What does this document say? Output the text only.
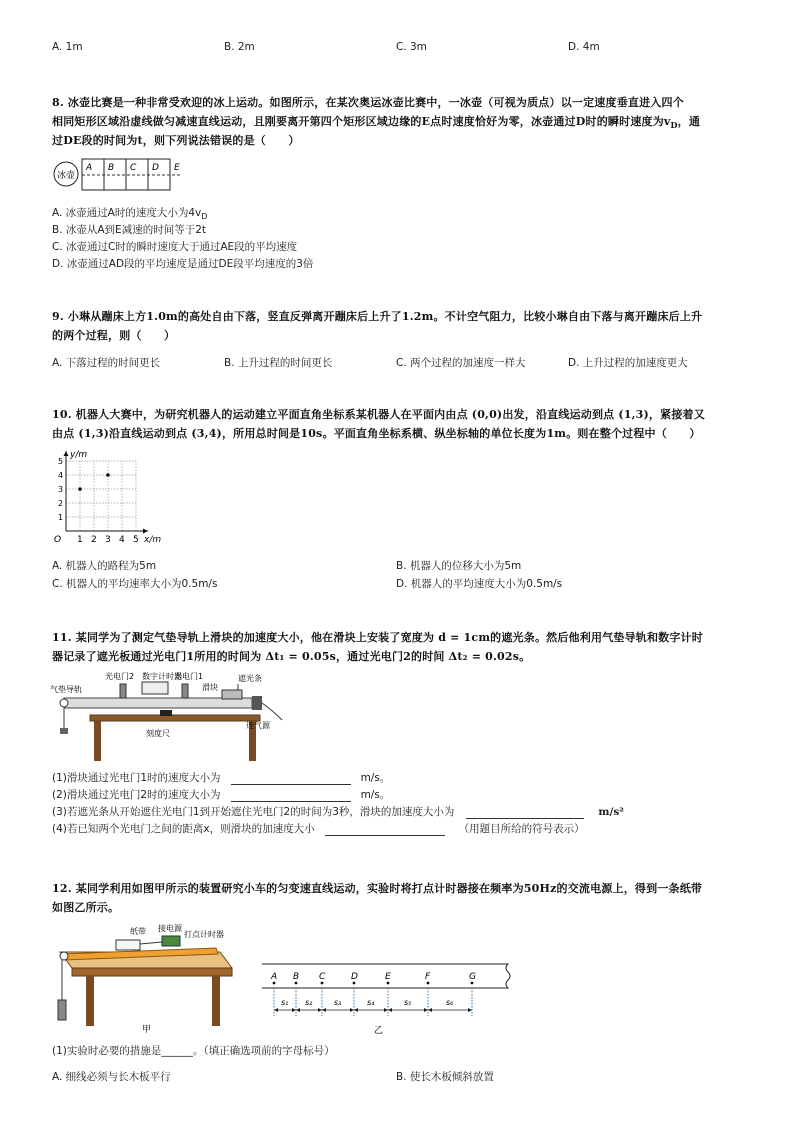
A. 1m	B. 2m	C. 3m	D. 4m
8. 冰壶比赛是一种非常受欢迎的冰上运动。如图所示，在某次奥运冰壶比赛中，一冰壶（可视为质点）以一定速度垂直进入四个
相同矩形区域沿虚线做匀减速直线运动，且刚要离开第四个矩形区域边缘的E点时速度恰好为零，冰壶通过D时的瞬时速度为$v_D$，通
过DE段的时间为t，则下列说法错误的是（　　）
冰壶
A B C D E
A. 冰壶通过A时的速度大小为$4v_D$
B. 冰壶从A到E减速的时间等于2t
C. 冰壶通过C时的瞬时速度大于通过AE段的平均速度
D. 冰壶通过AD段的平均速度是通过DE段平均速度的3倍
9. 小琳从蹦床上方1.0m的高处自由下落，竖直反弹离开蹦床后上升了1.2m。不计空气阻力，比较小琳自由下落与离开蹦床后上升
的两个过程，则（　　）
A. 下落过程的时间更长	B. 上升过程的时间更长	C. 两个过程的加速度一样大	D. 上升过程的加速度更大
10. 机器人大赛中，为研究机器人的运动建立平面直角坐标系某机器人在平面内由点 (0,0)出发，沿直线运动到点 (1,3)，紧接着又
由点 (1,3)沿直线运动到点 (3,4)，所用总时间是10s。平面直角坐标系横、纵坐标轴的单位长度为1m。则在整个过程中（　　）
y/m
x/m
O 1 2 3 4 5
1
2
3
4
5
A. 机器人的路程为5m	B. 机器人的位移大小为5m
C. 机器人的平均速率大小为0.5m/s	D. 机器人的平均速度大小为0.5m/s
11. 某同学为了测定气垫导轨上滑块的加速度大小，他在滑块上安装了宽度为 d = 1cm的遮光条。然后他利用气垫导轨和数字计时
器记录了遮光板通过光电门1所用的时间为 Δt₁ = 0.05s，通过光电门2的时间 Δt₂ = 0.02s。
光电门2 数字计时器
光电门1
滑块
遮光条
气垫导轨
连气源
刻度尺
(1)滑块通过光电门1时的速度大小为	m/s。
(2)滑块通过光电门2时的速度大小为	m/s。
(3)若遮光条从开始遮住光电门1到开始遮住光电门2的时间为3秒，滑块的加速度大小为	m/s²
(4)若已知两个光电门之间的距离x，则滑块的加速度大小	（用题目所给的符号表示）
12. 某同学利用如图甲所示的装置研究小车的匀变速直线运动，实验时将打点计时器接在频率为50Hz的交流电源上，得到一条纸带
如图乙所示。
纸带 接电源
打点计时器
甲
A B C	D	E	F	G
s₁ s₂	s₃	s₄	s₅	s₆
乙
(1)实验时必要的措施是______。（填正确选项前的字母标号）
A. 细线必须与长木板平行	B. 使长木板倾斜放置
